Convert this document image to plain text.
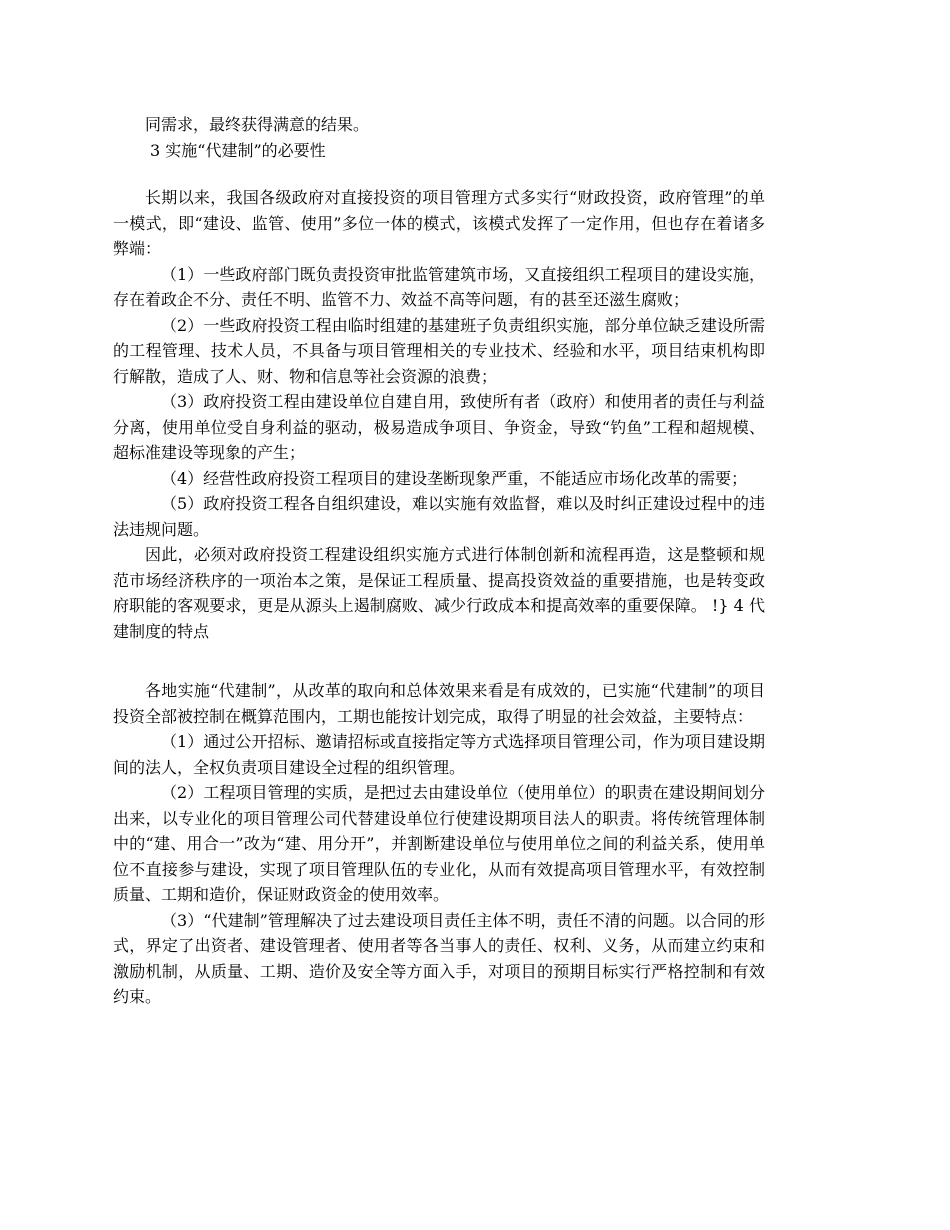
同需求，最终获得满意的结果。

3 实施“代建制”的必要性

长期以来，我国各级政府对直接投资的项目管理方式多实行“财政投资，政府管理”的单一模式，即“建设、监管、使用”多位一体的模式，该模式发挥了一定作用，但也存在着诸多弊端：

（1）一些政府部门既负责投资审批监管建筑市场，又直接组织工程项目的建设实施，存在着政企不分、责任不明、监管不力、效益不高等问题，有的甚至还滋生腐败；

（2）一些政府投资工程由临时组建的基建班子负责组织实施，部分单位缺乏建设所需的工程管理、技术人员，不具备与项目管理相关的专业技术、经验和水平，项目结束机构即行解散，造成了人、财、物和信息等社会资源的浪费；

（3）政府投资工程由建设单位自建自用，致使所有者（政府）和使用者的责任与利益分离，使用单位受自身利益的驱动，极易造成争项目、争资金，导致“钓鱼”工程和超规模、超标准建设等现象的产生；

（4）经营性政府投资工程项目的建设垄断现象严重，不能适应市场化改革的需要；

（5）政府投资工程各自组织建设，难以实施有效监督，难以及时纠正建设过程中的违法违规问题。

因此，必须对政府投资工程建设组织实施方式进行体制创新和流程再造，这是整顿和规范市场经济秩序的一项治本之策，是保证工程质量、提高投资效益的重要措施，也是转变政府职能的客观要求，更是从源头上遏制腐败、减少行政成本和提高效率的重要保障。 !} 4 代建制度的特点

各地实施“代建制”，从改革的取向和总体效果来看是有成效的，已实施“代建制”的项目投资全部被控制在概算范围内，工期也能按计划完成，取得了明显的社会效益，主要特点：

（1）通过公开招标、邀请招标或直接指定等方式选择项目管理公司，作为项目建设期间的法人，全权负责项目建设全过程的组织管理。

（2）工程项目管理的实质，是把过去由建设单位（使用单位）的职责在建设期间划分出来，以专业化的项目管理公司代替建设单位行使建设期项目法人的职责。将传统管理体制中的“建、用合一”改为“建、用分开”，并割断建设单位与使用单位之间的利益关系，使用单位不直接参与建设，实现了项目管理队伍的专业化，从而有效提高项目管理水平，有效控制质量、工期和造价，保证财政资金的使用效率。

（3）“代建制”管理解决了过去建设项目责任主体不明，责任不清的问题。以合同的形式，界定了出资者、建设管理者、使用者等各当事人的责任、权利、义务，从而建立约束和激励机制，从质量、工期、造价及安全等方面入手，对项目的预期目标实行严格控制和有效约束。
